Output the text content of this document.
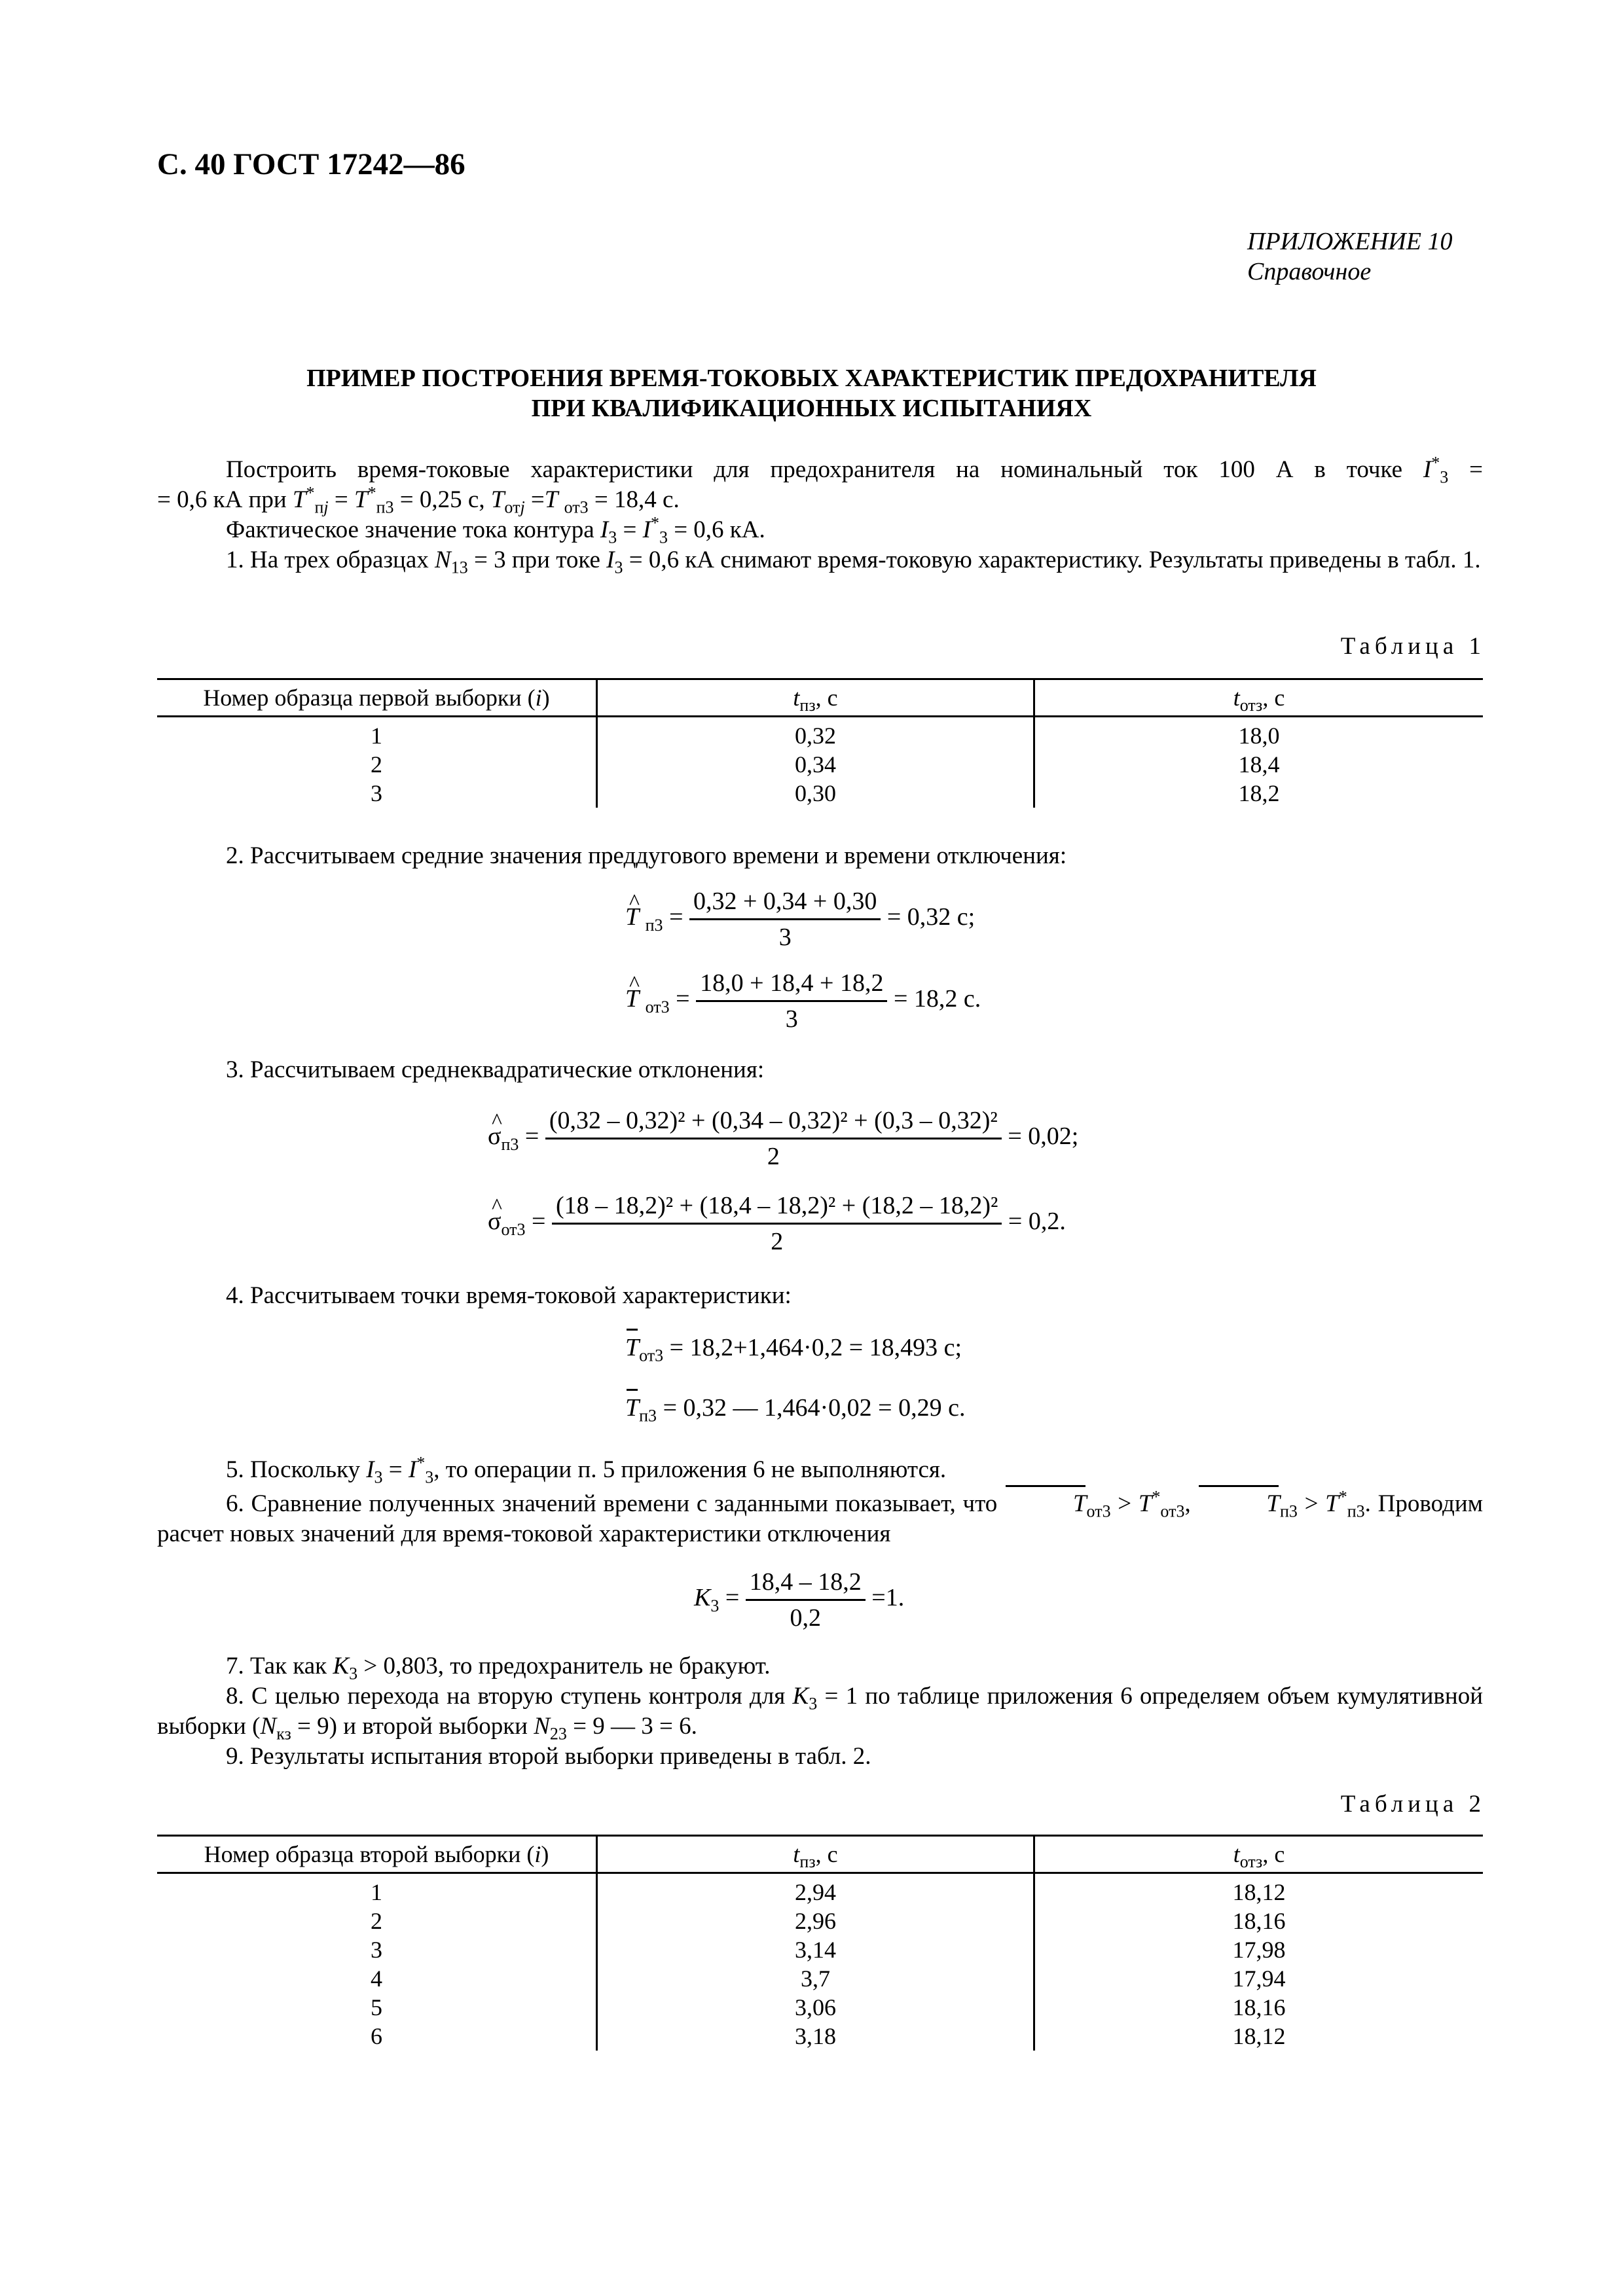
С. 40 ГОСТ 17242—86
ПРИЛОЖЕНИЕ 10
Справочное
ПРИМЕР ПОСТРОЕНИЯ ВРЕМЯ-ТОКОВЫХ ХАРАКТЕРИСТИК ПРЕДОХРАНИТЕЛЯ
ПРИ КВАЛИФИКАЦИОННЫХ ИСПЫТАНИЯХ
Построить время-токовые характеристики для предохранителя на номинальный ток 100 А в точке $I^*_3$ =
= 0,6 кА при $T^*_{пj} = T^*_{п3} = 0,25$ с, $T_{отj} =T$ $_{от3}$ = 18,4 с.
Фактическое значение тока контура $I_3 = I^*_3 = 0,6$ кА.
1. На трех образцах $N_{13} = 3$ при токе $I_3 = 0,6$ кА снимают время-токовую характеристику. Результаты приведены в табл. 1.
Таблица 1
Номер образца первой выборки (i)	$t_{пз}$, с	$t_{отз}$, с
1	0,32	18,0
2	0,34	18,4
3	0,30	18,2
2. Рассчитываем средние значения преддугового времени и времени отключения:
^ T $_{п3} = \frac{0,32 + 0,34 + 0,30}{3} = 0,32$ с;
^ T $_{от3} = \frac{18,0 + 18,4 + 18,2}{3} = 18,2$ с.
3. Рассчитываем среднеквадратические отклонения:
^ $\sigma_{п3} = \frac{\text{(0,32 – 0,32)² + (0,34 – 0,32)² + (0,3 – 0,32)²}}{2} = 0,02$;
^ $\sigma_{от3} = \frac{\text{(18 – 18,2)² + (18,4 – 18,2)² + (18,2 – 18,2)²}}{2} = 0,2$.
4. Рассчитываем точки время-токовой характеристики:
$T_{от3} = 18,2+1,464\cdot 0,2 = 18,493$ с;
$T_{п3} = 0,32$ — 1,464·0,02 = 0,29 с.
5. Поскольку $I_3 = I^*_3$, то операции п. 5 приложения 6 не выполняются.
6. Сравнение полученных значений времени с заданными показывает, что	$T_{от3} > T^*_{от3}$,	$T_{п3} > T^*_{п3}$. Проводим расчет новых значений для время-токовой характеристики отключения
$K_3 = \frac{18,4 - 18,2}{0,2} =1$.
7. Так как $K_3 > 0,803$, то предохранитель не бракуют.
8. С целью перехода на вторую ступень контроля для $K_3 = 1$ по таблице приложения 6 определяем объем кумулятивной выборки $(N_{кз} = 9)$ и второй выборки $N_{23} = 9$ — 3 = 6.
9. Результаты испытания второй выборки приведены в табл. 2.
Таблица 2
Номер образца второй выборки (i)	$t_{пз}$, с	$t_{отз}$, с
1	2,94	18,12
2	2,96	18,16
3	3,14	17,98
4	3,7	17,94
5	3,06	18,16
6	3,18	18,12
